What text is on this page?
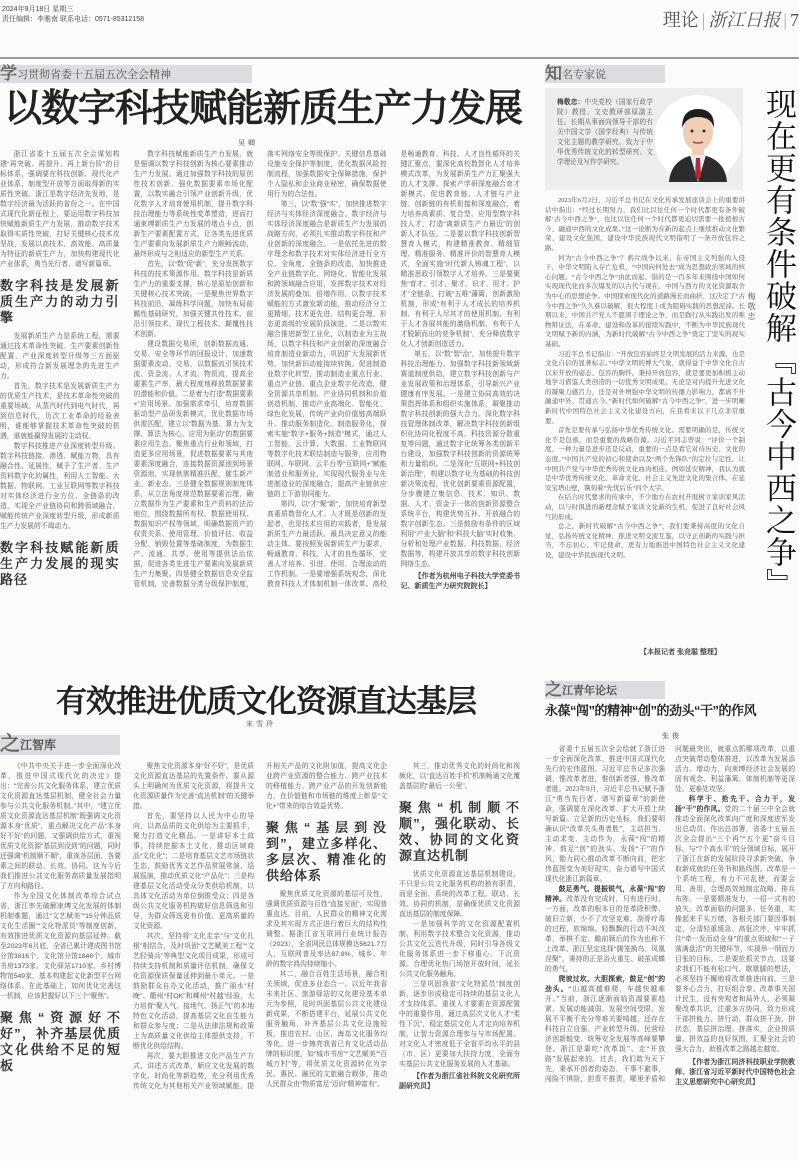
2024年9月18日 星期三
责任编辑：李雅南 联系电话：0571-85312158	理论 | 浙江日报 | 7
学习贯彻省委十五届五次全会精神
以数字科技赋能新质生产力发展
吴卿

浙江省委十五届五次全会谋划构建“再突破、再提升、再上新台阶”的目标体系，强调要在科技创新、现代化产业体系、制度型开放等方面取得新的实质性突破。浙江是数字经济先发地，是数字经济最为活跃的省份之一。在中国式现代化新征程上，要运用数字科技加快赋能新质生产力发展，推动数字技术取得实质性突破，打好关键核心技术攻坚战，发展以高技术、高效能、高质量为特征的新质生产力，加快构建现代化产业体系，勇当先行者、谱写新篇章。

数字科技是发展新质生产力的动力引擎

发展新质生产力是系统工程，需要通过技术革命性突破、生产要素创新性配置、产业深度转型升级等三方面驱动，形成符合新发展理念的先进生产力。

首先，数字技术是发展新质生产力的优质生产技术，是技术革命性突破的重要场域。从蒸汽时代到电气时代，再到信息时代，历次工业革命的经验表明，谁能够掌握技术革命性突破的机遇，谁就能赢得发展的主动权。

数字科技推进产业深度转型升级。数字科技链接、渗透、赋能万物，具有融合性、延展性，赋予了生产者、生产资料数字化的属性，利用人工智能、大数据、物联网、工业互联网等数字科技对实体经济进行全方位、全链条的改造，实现全产业链协同和跨领域融合，赋能传统产业深度转型升级，形成新质生产力发展的不竭动力。

数字科技赋能新质生产力发展的现实路径

数字科技赋能新质生产力发展，就是强调以数字科技创新为核心要素推动生产力发展。通过加强数字科技的原创性技术创新、强化数据要素市场化配置，以数实融合引领产业创新升级，优化数字人才培育使用机制，提升数字科技治理能力等系统性变革塑造，进而打通束缚新质生产力发展的堵点卡点，创新生产要素配置方式，让各类先进优质生产要素向发展新质生产力顺畅流动，最终形成与之相适应的新型生产关系。

首先，以“数”促“新”，充分发挥数字科技的技术策源作用。数字科技是新质生产力的重要支撑，核心是原始创新和关键核心技术突破。一是聚焦世界数字科技前沿，凝练科学问题，加快布局前瞻性基础研究，加强关键共性技术、前沿引领技术、现代工程技术、颠覆性技术创新。

建设数据交易所，创新数据流通、交易、安全等环节的回报设计，加速数据要素流动、交易，以数据流引领技术流、资金流、人才流、物资流，提高全要素生产率，最大程度地释放数据要素的潜能和价值。二是着力打造“数据要素×”应用场景。加强需求牵引，培育数据驱动型产品研发新模式，优化数据市场供需匹配，建立以“数据为基、算力为支撑、算法为核心、应用为驱动”的数据要素应用生态。聚焦重点行业和领域，打造更多应用场景，促进数据要素与其他要素深度融合，连接数据资源池到场景资源池，实现供需精准匹配，催生新产业、新业态。三是健全数据规则制度体系，从立法角度规范数据要素治理，确立数据作为生产要素和生产资料的法治地位，围绕数据所有权、数据使用权、数据知识产权等领域，明确数据资产的权责关系、使用管理、价值评估、收益分配、销毁处置等基础制度，为数据生产、流通、共享、使用等提供法治依据，促进各类先进生产要素向发展新质生产力集聚。四是健全数据信息安全监管机制，完善数据分类分级保护制度，落实网络安全等级保护、关键信息基础设施安全保护等制度，优化数据风险控制流程，加强数据安全保障措施，保护个人隐私和企业商业秘密，确保数据使用行为的合法性。

第三，以“数”强“实”，加快推进数字经济与实体经济深度融合。数字经济与实体经济深度融合是新质生产力发展的战略方向，必须扎实推动数字科技和产业创新的深度融合。一是依托先进的数字理念和数字技术对实体经济进行全方位、全角度、全链条的改造，加快推进全产业链数字化、网络化、智能化发展和跨领域融合应用，发挥数字技术对经济发展的叠加、倍增作用，以数字技术赋能的方式激发新动能，推动经济分工更精细、技术更先进、结构更合理、形态更高级的发展阶段演进。二是以数实融合推进新型工业化，以制造业为主战场，以数字科技和产业创新的深度融合培育制造业新动力，巩固扩大发展新优势，加快新旧动能接续转换。促进制造业数字化转型，推动制造业重点行业、重点产业链、重点企业数字化改造，健全资源共享机制、产业协同机制和价值创造机制，推动产业高端化、智能化、绿色化发展，传统产业向价值链高端跃升。推动服务制造化、制造服务化，探索实施“数字+服务+制造”模式，通过人工智能、云计算、大数据、工业物联网等数字化技术联结制造与服务，应用物联网、车联网、云平台等“互联网+”赋能制造业和服务业，实现现代服务业与先进制造业的深度融合，提高产业链供应链的上下游协同能力。

第四，以“才”聚“新”，加快培育新型高素质数智化人才。人才既是创新的发起者，也是技术应用的实践者，是发展新质生产力最活跃、最具决定意义的能动主体。要按照发展新质生产力要求，畅通教育、科技、人才的良性循环，完善人才培养、引进、使用、合理流动的工作机制。一是要增强系统观念，深化教育科技人才体制机制一体改革。高校是畅通教育、科技、人才良性循环的关键汇聚点，要深化高校数智化人才培养模式改革，为发展新质生产力汇聚强大的人才支撑。探索产学研深度融合育才新模式，促进教育链、人才链与产业链、创新链的有机衔接和深度融合，着力培养高素质、复合型、应用型数字科技人才，打造“离新质生产力最近”的创新人才队伍。二是要以数字科技创新智慧育人模式，构建精准教育、精细管理、精准服务、精准评价的智慧育人模式，全面实施“时代新人铸魂工程”，以精准思政引领数字人才培养。三是要聚焦“育才、引才、聚才、识才、用才、护才”全链条，打破“五唯”藩篱，创新激励机制，形成“有利于人才成长的培养机制、有利于人尽其才的使用机制、有利于人才各展其能的激励机制、有利于人才脱颖而出的竞争机制”，充分释放数字化人才创新创造活力。

第五，以“数”智“治”，加快提升数字科技治理能力。加强数字科技新领域新赛道制度供给，建立数字科技创新与产业发展政策和治理体系，引导新兴产业健康有序发展。一是建立协同高效的决策指挥体系和组织实施体系，凝聚推动数字科技创新的强大合力。深化数字科技管理体制改革，解决数字科技创新组织化协同化程度不高、科技资源分散重复等问题，通过数字化统筹各类创新平台建设，加强数字科技创新的资源统筹和力量组织。二是深化“互联网+科技创新治理”，构建以数字化为基础的科技创新决策流程，优化创新要素资源配置，分步骤建立集信息、技术、知识、数据、人才、资金于一体的创新资源整合系统平台，构建优势互补、开放融合的数字创新生态。三是鼓励有条件的区域利用“产业大脑”和“科技大脑”实时收集、分析和处理产业数据、科技数据、经济数据等，构建开放共享的数字科技创新网络生态。

【作者为杭州电子科技大学党委书记、新质生产力研究院院长】

知名专家说
梅敬忠：中央党校（国家行政学院）教授、文史教研部原副主任。长期从事面向领导干部的有关中国文学（国学经典）与传统文化主题的教学研究，致力于中华优秀传统文化的转型研究、文学理论及写作学研究。

2023年6月2日，习近平总书记在文化传承发展座谈会上的重要讲话中指出：“经过长期努力，我们比以往任何一个时代都更有条件破解‘古今中西之争’，也比以往任何一个时代都更迫切需要一批植根古今、融通中西的文化成果。”这一论断为在新的起点上继续推动文化繁荣、建设文化强国、建设中华民族现代文明指明了一条开放包容之路。

何为“古今中西之争”？鸦片战争以来，在帝国主义列强的入侵下，中华文明陷入存亡危机，“中国向何处去”成为思想政治领域的核心问题。“古今中西之争”由此而起，指的是一百多年来围绕中国如何实现现代化而多次爆发的以古代与现在、中国与西方的文化资源取舍为中心的思想论争。中国探索现代化的道路漫长而曲折，这决定了“古今中西之争”久久难以破解，很大程度上成为阻碍实践的思想泥淖。长期以来，中国共产党人不愿困于理论之争，而是践行从实践出发的唯物辩证法，在革命、建设和改革的接续实践中，不断为中华民族现代文明赋予新的内涵，为新时代破解“古今中西之争”奠定了坚实的现实基础。

习近平总书记指出：“开放包容始终是文明发展的活力来源，也是文化自信的显著标志。”中华文明的博大气象，就得益于中华文化自古以来开放的姿态、包容的胸怀。秉持开放包容，就是要更加积极主动地学习借鉴人类创造的一切优秀文明成果。无论是对内提升先进文化的凝聚力感召力，还是对外增强中华文明的传播力影响力，都离不开融通中外、贯通古今。”新时代如何破解“古今中西之争”，进一步明晰新时代中国特色社会主义文化建设方向，在我看来以下几点非常重要。

首先是要传承与弘扬中华优秀传统文化。需要明确的是，传统文化不是包袱，而是重要的战略资源。习近平同志曾说：“评价一个制度、一种力量是进步还是反动，重要的一点是看它对待历史、文化的态度。”中国共产党的初心和使命以及“两个先锋队”的定位与定性，让中国共产党与中华优秀传统文化血肉相连。例如延安精神，我认为就是中华优秀传统文化、革命文化、社会主义先进文化的集合体。在延安宝塔山壁，镌刻着“先忧后乐”四个大字。

在结合时代要求的传承中，不少地方在农村开展树立家训家风活动，以与时俱进的新理念赋予家训文化新的生机，促进了良好社会风气的形成。

总之，新时代破解“古今中西之争”，我们要秉持高度的文化自觉，弘扬传统文化精神，推进文明交流互鉴，以守正创新的实践与担当，不忘初心、牢记使命，更有力地推进中国特色社会主义文化建设，建设中华民族现代文明。

【本报记者 张竞聪 整理】
现在更有条件破解『古今中西之争』
梅敬忠
有效推进优质文化资源直达基层
宋雪玲
之江智库

《中共中央关于进一步全面深化改革、推进中国式现代化的决定》提出：“完善公共文化服务体系，建立优质文化资源直达基层机制，健全社会力量参与公共文化服务机制。”其中，“建立优质文化资源直达基层机制”既强调文化资源本身“优质”，重点解决文化产品“本身好不好”的问题，又强调供给方式，重视优质文化资源“基层到没到”的问题，同时还强调“机制顺不顺”，重视各层面、各要素之间的联动、长效、协同。这为今后我们推进公共文化服务高质量发展指明了方向和路径。

作为全国文化体制改革综合试点省，浙江率先破解束缚文化发展的体制机制难题，通过“文艺赋美”“15分钟品质文化生活圈”“文化特派员”等制度创新，有效推进优质文化资源向基层延伸。截至2023年6月底，全省已累计建成图书馆分馆3816个、文化馆分馆1846个、城市书房1373家、文化驿站1710家、乡村博物馆549家，基本构建起文化新型平台网络体系。在此基础上，如何优化完善这一机制，应该把握好以下三个“聚焦”。

聚焦“资源好不好”，补齐基层优质文化供给不足的短板

聚焦文化资源本身“好不好”，是优质文化资源直达基层的先置条件。要从源头上明确何为优质文化资源，将提升文化资源质量作为完善“直达机制”的关键举措。

首先，要坚持以人民为中心的导向，以高品质的文化供给为主要抓手，聚力打造文化精品。一是讲好本土故事，持续挖掘本土文化，推动区域商品“文化化”；二是培育基层文艺市场链状生态，鼓励优秀文艺作品常展常演、巡展巡演，推动优质文化“产品化”；三是构建基层文化活动受众分类供给机制，以具体文化活动为单位倒推受众；四是各级公共文化服务机构做好信息筛选和引导，为群众筛选更有价值、更高质量的文化资源。

其次，坚持将“文化走亲”与“文化扎根”相结合，及时巩固“文艺赋美工程”“文艺轻骑兵”等典型文化项目成果，形成可持续支持机制和质量评估机制，确保文化资源保质保量延伸到最小单元。一是鼓励群众自办文化活动，推广丽水“村晚”、衢州“村OK”和嵊州“村越”经验，大力培育“聚人气、接地气、扬正气”的本地特色文化活动，提高基层文化自生能力和群众参与度；二是从法律法规和政策上为高质量文化供给主体提供支持，不断优化供给结构。

再次，要大胆推进文化产品生产方式、讲述方式改革，顺应文化发展的数字化、时尚化等新趋势，充分利用优秀传统文化为其他相关产业领域赋能，提升相关产品的文化附加值，提高文化企业跨产业资源的整合能力、跨产业技术的移植能力、跨产业产品的开发创新能力，在价值链和市场链的维度上彰显“文化+”带来的综合效益优势。

聚焦“基层到没到”，建立多样化、多层次、精准化的供给体系

聚焦优质文化资源的基层可及性，强调优质资源与百姓“直接见面”，实现普惠直达。目前，人民群众的精神文化需求及其实现方式正进行着巨大的结构性调整。据浙江省互联网行业统计报告（2023），全省网民总体规模达5621.7万人，互联网普及率达87.8%，城乡、年龄的数字鸿沟持续缩小。

其二，融合百姓生活场景，融合相关领域，促进多业态合一。以近年我省未来社区、旅游驿站的文化建设基本单元为参照，及时巩固基层公共文化建设新成果，不断搭建平台，延展公共文化服务触角，补齐基层公共文化设施短板，推进农村、山区、海岛文化服务均等化。进一步擦亮我省已有文化活动品牌的标识度，如“城市书房”“文艺赋美”“百城万村”等，将优质文化资源转化为亲民、惠民、融民的文旅融合载体，推动人民群众由“物质富足”迈向“精神富有”。

其三，推动优秀文化的时尚化和视频化，以“直达百姓手机”机制畅通文化覆盖基层的“最后一公里”。

聚焦“机制顺不顺”，强化联动、长效、协同的文化资源直达机制

优质文化资源直达基层机制建设，不只是公共文化服务机构的独有职责，而是全面、系统的改革工程。联动、长效、协同的机制，是确保优质文化资源直达基层的制度保障。

一是加强科学的文化资源配置机制，利用数字技术整合文化资源，推动公共文化云迭代升级，同时引导各级文化服务体系进一步下移重心、下沉资源。合理优化热门场馆开放时间，延长公共文化服务触角。

三是巩固我省“文化特派员”制度创新，逐步形成稳定可持续的基层文化人才支持体系。重视人才要素在资源配置中的重要作用，通过高层次文化人才“柔性下沉”，稳定基层文化人才定向培养机制，让智力资源合理参与与市场配置。对文化人才密度低于全省平均水平的县（市、区）更要加大扶持力度，全面夯实基层公共文化服务发展的人才基础。

【作者为浙江省社科院文化研究所副研究员】

之江青年论坛
永葆“闯”的精神“创”的劲头“干”的作风
张俊

省委十五届五次全会绘就了浙江进一步全面深化改革、推进中国式现代化先行的宏伟蓝图。习近平总书记多次强调，惟改革者进，惟创新者强，惟改革者胜。2023年9月，习近平总书记赋予浙江“勇当先行者、谱写新篇章”的新使命，强调要在深化改革、扩大开放上续写新篇。立足新的历史坐标，我们要明确认识“改革关头勇者胜”，主动担当、主动求变、主动作为，永葆“闯”的精神、鼓足“创”的劲头、发扬“干”的作风，勠力同心推动改革不断向前，把宏伟蓝图变为美好现实，奋力谱写中国式现代化浙江新篇章。

鼓足勇气、提振锐气，永葆“闯”的精神。改革没有完成时，只有进行时。一方面，改革的根本目的是革除积弊、破旧立新，少不了攻坚克难、刮骨疗毒的过程，软绵绵、轻飘飘的行动不叫改革，举棋不定、瞻前顾后的作为也称不上改革。浙江坚定选择“腾笼换鸟、凤凰涅槃”，秉持的正是浴火重生、破茧成蝶的勇气。

爬坡过坎、大胆探索，鼓足“创”的劲头。“山越高越难爬，车越快越难开。”当前，浙江逐渐面临资源要素趋紧、发展动能减弱、发展空间受限、发展不平衡不充分等难关要啃越，还存在科技自立自强、产业转型升级、民营经济创新蜕变、统筹安全发展等高峰要攀登。浙江是靠吃“改革饭”、走“开放路”发展起来的。过去，我们敢为天下先，秉承开创者的姿态，干事不避事，闯险不惧险，担责不推责，哪里矛盾和问题最突出，就重点抓哪项改革，以重点突破带动整体推进，以改革为发展添活力、增动力，向束缚经济社会发展的固有观念、利益藩篱、体制机制等更深处、更难处攻坚。

科学干、抢先干、合力干，发扬“干”的作风。党的二十届三中全会就推动全面深化改革向广度和深度进军发出总动员、作出总部署，省委十五届五次全会提出“三个再”“五个更”奋斗目标，与“7个高水平”的分领域目标，展开了浙江在新的发展阶段寻求新突破、争取新成就的任务书和路线图。改革是一个系统工程，有力不可乱使，而要会用、善用，合理高效地制定战略、排兵布阵。一是要精准发力，一招一式有的放矢。改革面临的问题多、任务重，实操起来千头万绪，各相关部门要因事制定，分清轻重缓急、高低次序，牢牢抓住“牵一发而动全身”的重点领域和“一子落满盘活”的关键环节，实现举一纲而万目张的目标。二是要抢抓关节点，这要求我们不能有松口气、歇歇脚的想法，必须坚持不懈地将改革推进向前。三是要齐心合力，打好组合拳。改革事关国计民生，没有旁观者和局外人，必须凝聚改革共识，注重多方协同，致力形成干部拼能力、拼行动，群众拼干劲、拼状态，基层拼治理、拼落实，企业拼质量、拼效益的良好氛围，汇聚全社会的强大合力，助推改革之路越走越宽。

【作者为浙江同济科技职业学院教师、浙江省习近平新时代中国特色社会主义思想研究中心研究员】
